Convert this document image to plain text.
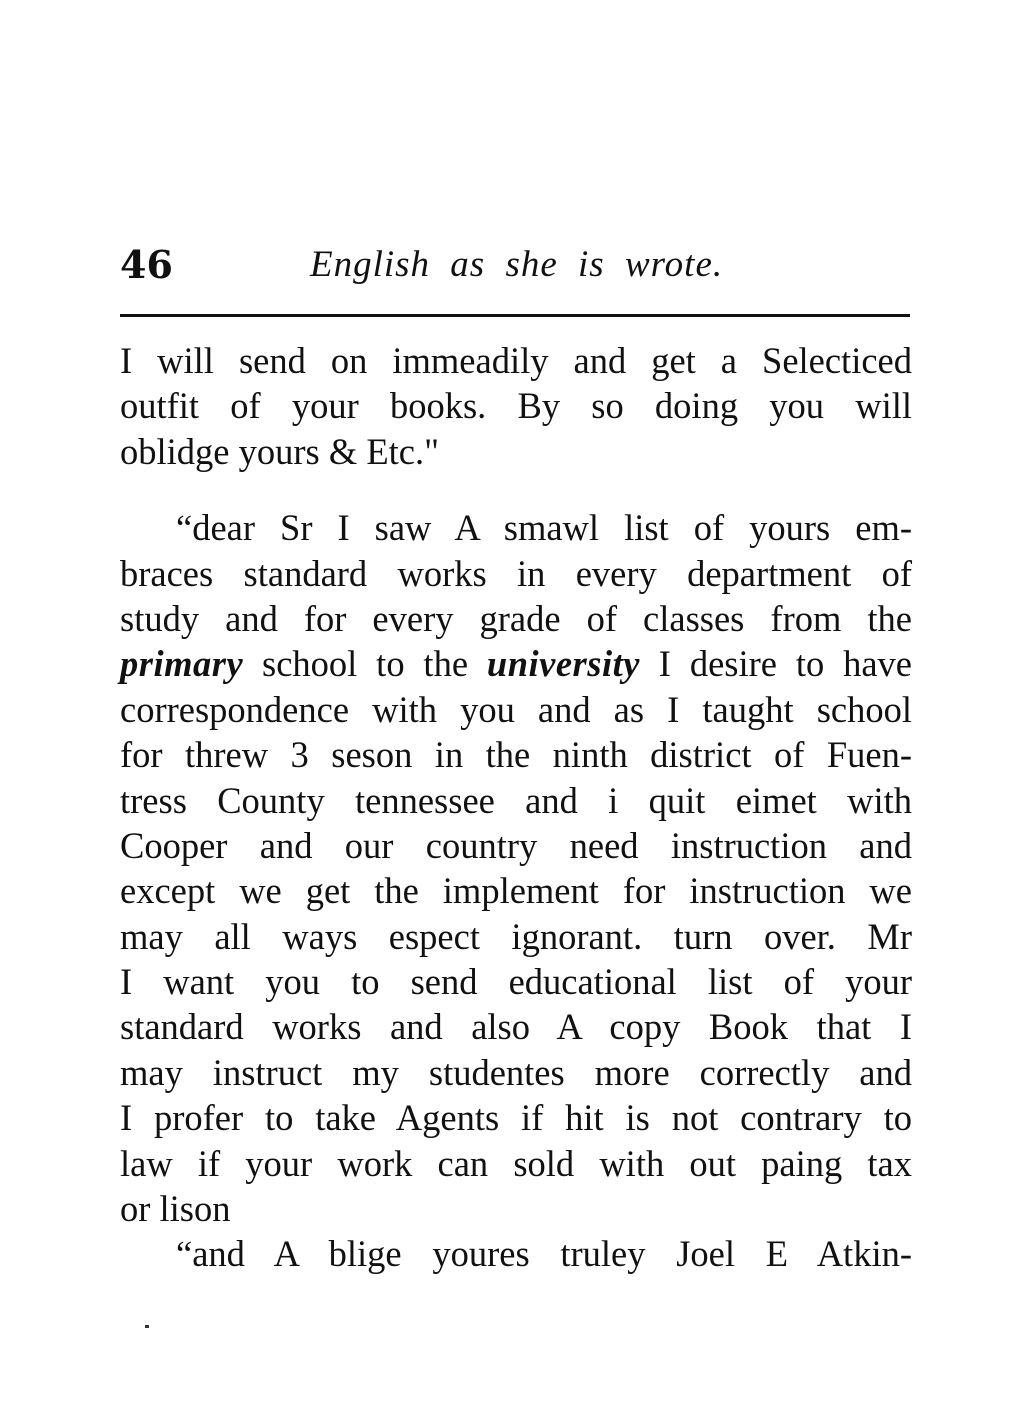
46	English as she is wrote.
I will send on immeadily and get a Selecticed
outfit of your books. By so doing you will
oblidge yours & Etc."
“dear Sr I saw A smawl list of yours em-
braces standard works in every department of
study and for every grade of classes from the
primary school to the university I desire to have
correspondence with you and as I taught school
for threw 3 seson in the ninth district of Fuen-
tress County tennessee and i quit eimet with
Cooper and our country need instruction and
except we get the implement for instruction we
may all ways espect ignorant. turn over. Mr
I want you to send educational list of your
standard works and also A copy Book that I
may instruct my studentes more correctly and
I profer to take Agents if hit is not contrary to
law if your work can sold with out paing tax
or lison
“and A blige youres truley Joel E Atkin-
